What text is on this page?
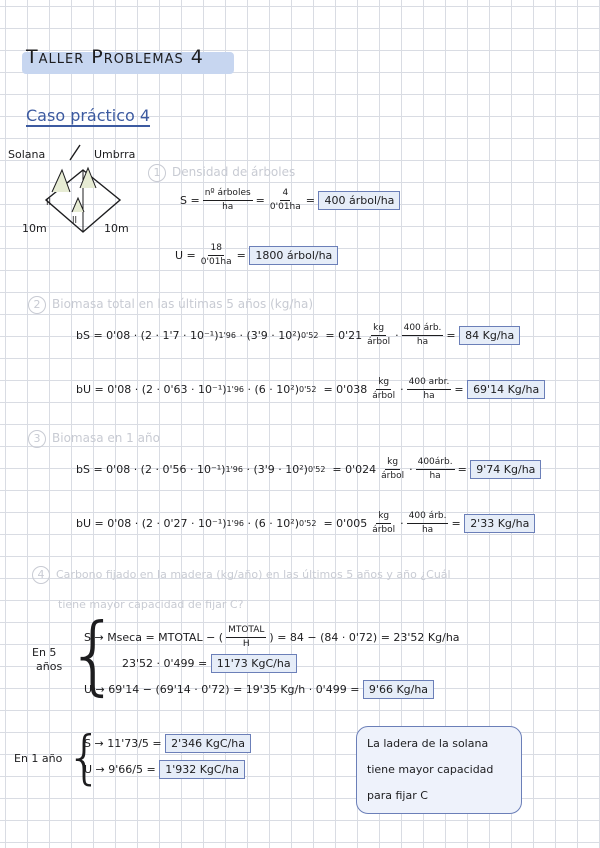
Taller Problemas 4
Caso práctico 4
Solana	Umbrra
ll
ll
10m	10m
1 Densidad de árboles
$S = \frac{\text{nº árboles}}{ha} = \frac{4}{0'01ha}$ =
400 árbol/ha
$U = \frac{18}{0'01ha}$ =
1800 árbol/ha
2 Biomasa total en las últimas 5 años (kg/ha)
bS = 0'08 · (2 · 1'7 · 10⁻¹) 1'96
· (3'9 · 10²) 0'52
= $0'21 \frac{kg}{\text{árbol}} \cdot \frac{\text{400 árb.}}{ha} = 84$ Kg/ha
bU = 0'08 · (2 · 0'63 · 10⁻¹) 1'96
· (6 · 10²) 0'52
= $0'038 \frac{kg}{\text{árbol}} \cdot \frac{\text{400 arbr.}}{ha} = 69'14$ Kg/ha
3 Biomasa en 1 año
bS = 0'08 · (2 · 0'56 · 10⁻¹) 1'96
· (3'9 · 10²) 0'52
= $0'024 \frac{kg}{\text{árbol}} \cdot \frac{\text{400árb.}}{ha} = 9'74$ Kg/ha
bU = 0'08 · (2 · 0'27 · 10⁻¹) 1'96
· (6 · 10²) 0'52
= $0'005 \frac{kg}{\text{árbol}} \cdot \frac{\text{400 árb.}}{ha} = 2'33$ Kg/ha
4 Carbono fijado en la madera (kg/año) en las últimos 5 años y año ¿Cuál
tiene mayor capacidad de fijar C?
En 5
años {
S → Mseca = MTOTAL − ( $\frac{\text{MTOTAL}}{H}$ ) = 84 − (84 · 0'72) = 23'52 Kg/ha
23'52 · 0'499 =
11'73 KgC/ha
U → 69'14 − (69'14 · 0'72) = 19'35 Kg/h · 0'499 =
9'66 Kg/ha
En 1 año {
S → 11'73/5 =
2'346 KgC/ha
U → 9'66/5 =
1'932 KgC/ha
La ladera de la solana
tiene mayor capacidad
para fijar C
